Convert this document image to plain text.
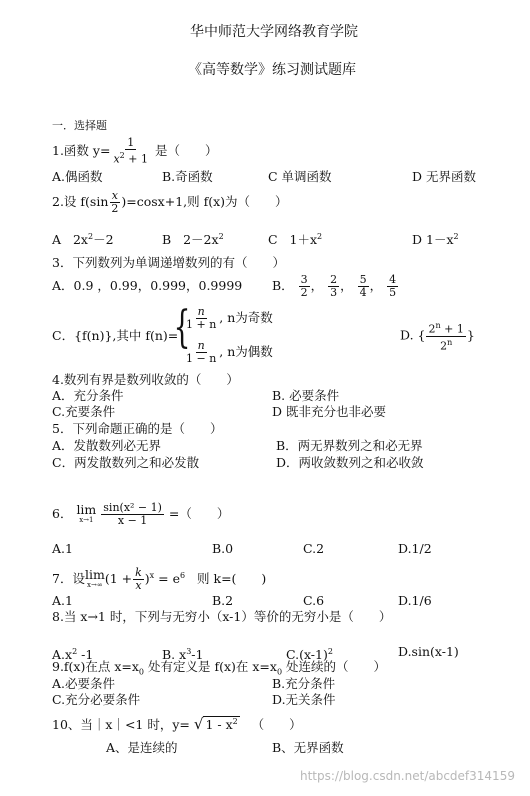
华中师范大学网络教育学院
《高等数学》练习测试题库
一．选择题
1.函数 $y= \frac{1}{x^2 + 1}$ 是（　　）
A.偶函数	B.奇函数	C 单调函数	D 无界函数
2.设 $f(\sin \frac{x}{2} )=\cos x+1$,则 f(x)为（　　）
A $2x^2-2$	B $2-2x^2$	C $1+x^2$	D $1-x^2$
3．下列数列为单调递增数列的有（　　）
A．0.9 ，0.99，0.999，0.9999 B． $\frac{3}{2}$ ， $\frac{2}{3}$ ， $\frac{5}{4}$ ， $\frac{4}{5}$
C．{f(n)},其中 f(n)=
{
$\frac{n}{1 + n}$ , n为奇数
$\frac{n}{1 - n}$ , n为偶数
D. { $\frac{2^n + 1}{2^n}$ }
4.数列有界是数列收敛的（　　）
A．充分条件	B. 必要条件
C.充要条件	D 既非充分也非必要
5．下列命题正确的是（　　）
A．发散数列必无界	B．两无界数列之和必无界
C．两发散数列之和必发散	D．两收敛数列之和必收敛
6． lim
x→1
$\frac{\text{sin(x² − 1)}}{x - 1}$ =（　　）
A.1	B.0	C.2	D.1/2
7．设 lim
x→∞ $(1 + \frac{k}{x} )^x = e^6$ 则 k=(　　)
A.1	B.2	C.6	D.1/6
8.当 x→1 时，下列与无穷小（x-1）等价的无穷小是（　　）
$A.x^2$ -1	B. $x^3-1$	$C.(x-1)^2$	D.sin(x-1)
9.f(x)在点 $x=x_0$ 处有定义是 f(x)在 $x=x_0$ 处连续的（　　）
A.必要条件	B.充分条件
C.充分必要条件	D.无关条件
10、当｜x｜<1 时，y= √ $1 - x^2$ （　　）
A、是连续的	B、无界函数
https://blog.csdn.net/abcdef314159
